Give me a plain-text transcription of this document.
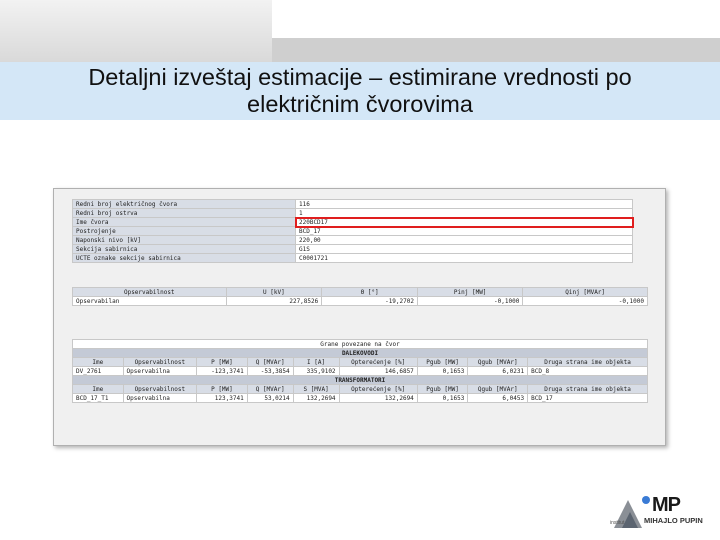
Detaljni izveštaj estimacije – estimirane vrednosti po
električnim čvorovima
Redni broj električnog čvora	116
Redni broj ostrva	1
Ime čvora	220BCD17
Postrojenje	BCD_17
Naponski nivo [kV]	220,00
Sekcija sabirnica	G1S
UCTE oznake sekcije sabirnica	C0001721
Opservabilnost	U [kV]	Θ [°]	Pinj [MW]	Qinj [MVAr]
Opservabilan	227,8526	-19,2702	-0,1000	-0,1000
Grane povezane na čvor								
DALEKOVODI								
Ime	Opservabilnost	P [MW]	Q [MVAr]	I [A]	Opterećenje [%]	Pgub [MW]	Qgub [MVAr]	Druga strana ime objekta
DV_2761	Opservabilna	-123,3741	-53,3854	335,9102	146,6857	0,1653	6,0231	BCD_8
TRANSFORMATORI								
Ime	Opservabilnost	P [MW]	Q [MVAr]	S [MVA]	Opterećenje [%]	Pgub [MW]	Qgub [MVAr]	Druga strana ime objekta
BCD_17_T1	Opservabilna	123,3741	53,0214	132,2694	132,2694	0,1653	6,0453	BCD_17
MP
MIHAJLO PUPIN
institut
